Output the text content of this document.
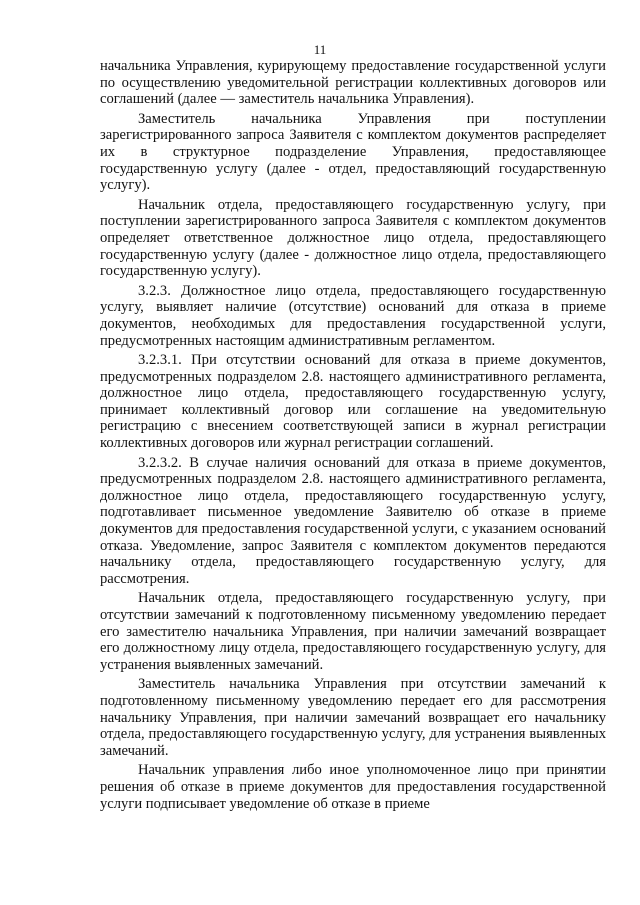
11

начальника Управления, курирующему предоставление государственной услуги по осуществлению уведомительной регистрации коллективных договоров или соглашений (далее — заместитель начальника Управления).

Заместитель начальника Управления при поступлении зарегистрированного запроса Заявителя с комплектом документов распределяет их в структурное подразделение Управления, предоставляющее государственную услугу (далее - отдел, предоставляющий государственную услугу).

Начальник отдела, предоставляющего государственную услугу, при поступлении зарегистрированного запроса Заявителя с комплектом документов определяет ответственное должностное лицо отдела, предоставляющего государственную услугу (далее - должностное лицо отдела, предоставляющего государственную услугу).

3.2.3. Должностное лицо отдела, предоставляющего государственную услугу, выявляет наличие (отсутствие) оснований для отказа в приеме документов, необходимых для предоставления государственной услуги, предусмотренных настоящим административным регламентом.

3.2.3.1. При отсутствии оснований для отказа в приеме документов, предусмотренных подразделом 2.8. настоящего административного регламента, должностное лицо отдела, предоставляющего государственную услугу, принимает коллективный договор или соглашение на уведомительную регистрацию с внесением соответствующей записи в журнал регистрации коллективных договоров или журнал регистрации соглашений.

3.2.3.2. В случае наличия оснований для отказа в приеме документов, предусмотренных подразделом 2.8. настоящего административного регламента, должностное лицо отдела, предоставляющего государственную услугу, подготавливает письменное уведомление Заявителю об отказе в приеме документов для предоставления государственной услуги, с указанием оснований отказа. Уведомление, запрос Заявителя с комплектом документов передаются начальнику отдела, предоставляющего государственную услугу, для рассмотрения.

Начальник отдела, предоставляющего государственную услугу, при отсутствии замечаний к подготовленному письменному уведомлению передает его заместителю начальника Управления, при наличии замечаний возвращает его должностному лицу отдела, предоставляющего государственную услугу, для устранения выявленных замечаний.

Заместитель начальника Управления при отсутствии замечаний к подготовленному письменному уведомлению передает его для рассмотрения начальнику Управления, при наличии замечаний возвращает его начальнику отдела, предоставляющего государственную услугу, для устранения выявленных замечаний.

Начальник управления либо иное уполномоченное лицо при принятии решения об отказе в приеме документов для предоставления государственной услуги подписывает уведомление об отказе в приеме
